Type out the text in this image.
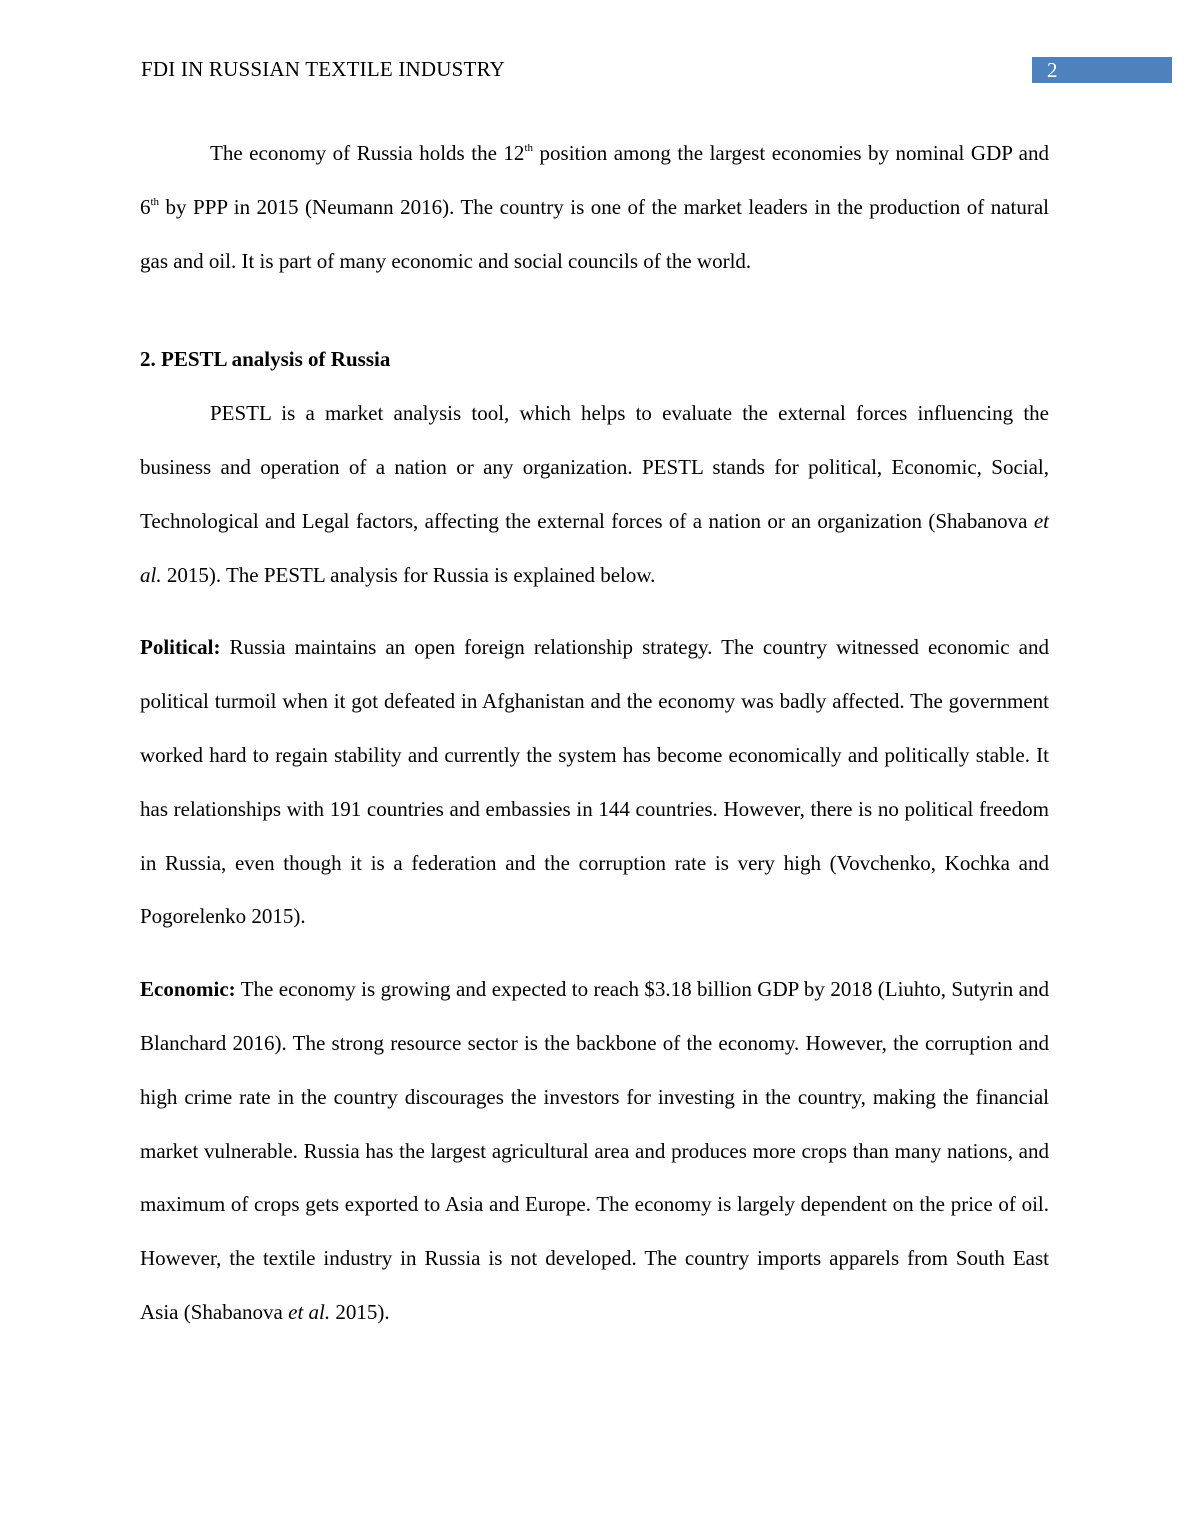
FDI IN RUSSIAN TEXTILE INDUSTRY	2

The economy of Russia holds the 12th position among the largest economies by nominal GDP and 6th by PPP in 2015 (Neumann 2016). The country is one of the market leaders in the production of natural gas and oil. It is part of many economic and social councils of the world.

2. PESTL analysis of Russia

PESTL is a market analysis tool, which helps to evaluate the external forces influencing the business and operation of a nation or any organization. PESTL stands for political, Economic, Social, Technological and Legal factors, affecting the external forces of a nation or an organization (Shabanova et al. 2015). The PESTL analysis for Russia is explained below.

Political: Russia maintains an open foreign relationship strategy. The country witnessed economic and political turmoil when it got defeated in Afghanistan and the economy was badly affected. The government worked hard to regain stability and currently the system has become economically and politically stable. It has relationships with 191 countries and embassies in 144 countries. However, there is no political freedom in Russia, even though it is a federation and the corruption rate is very high (Vovchenko, Kochka and Pogorelenko 2015).

Economic: The economy is growing and expected to reach $3.18 billion GDP by 2018 (Liuhto, Sutyrin and Blanchard 2016). The strong resource sector is the backbone of the economy. However, the corruption and high crime rate in the country discourages the investors for investing in the country, making the financial market vulnerable. Russia has the largest agricultural area and produces more crops than many nations, and maximum of crops gets exported to Asia and Europe. The economy is largely dependent on the price of oil. However, the textile industry in Russia is not developed. The country imports apparels from South East Asia (Shabanova et al. 2015).
